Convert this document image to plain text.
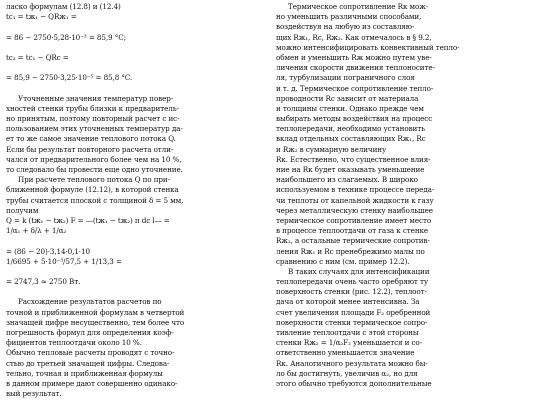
ласко формулам (12.8) и (12.4)
tс₁ = tж₁ − QRж₁ =
= 86 − 2750·5,28·10⁻³ = 85,9 °C;
tс₂ = tс₁ − QRс =
= 85,9 − 2750·3,25·10⁻⁵ = 85,8 °C.
Уточненные значения температур повер-
хностей стенки трубы близки к предваритель-
но принятым, поэтому повторный расчет с ис-
пользованием этих уточненных температур да-
ет то же самое значение теплового потока Q.
Если бы результат повторного расчета отли-
чался от предварительного более чем на 10 %,
то следовало бы провести еще одно уточнение.
При расчете теплового потока Q по при-
ближенной формуле (12.12), в которой стенка
трубы считается плоской с толщиной δ = 5 мм,
получим
Q = k (tж₁ − tж₂) F = —(tж₁ − tж₂) π dс l— =
1/α₁ + δ/λ + 1/α₂
= (86 − 20)·3,14·0,1·10
1/6695 + 5·10⁻³/57,5 + 1/13,3 =
= 2747,3 ≈ 2750 Вт.
Расхождение результатов расчетов по
точной и приближенной формулам в четвертой
значащей цифре несущественно, тем более что
погрешность формул для определения коэф-
фициентов теплоотдачи около 10 %.
Обычно тепловые расчеты проводят с точно-
стью до третьей значащей цифры. Следова-
тельно, точная и приближенная формулы
в данном примере дают совершенно одинако-
вый результат.
Термическое сопротивление Rк мож-
но уменьшить различными способами,
воздействуя на любую из составляю-
щих Rж₁, Rс, Rж₂. Как отмечалось в § 9.2,
можно интенсифицировать конвективный тепло-
обмен и уменьшить Rж можно путем уве-
личения скорости движения теплоносите-
ля, турбулизации пограничного слоя
и т. д. Термическое сопротивление тепло-
проводности Rс зависит от материала
и толщины стенки. Однако прежде чем
выбирать методы воздействия на процесс
теплопередачи, необходимо установить
вклад отдельных составляющих Rж₁, Rс
и Rж₂ в суммарную величину
Rк. Естественно, что существенное влия-
ние на Rк будет оказывать уменьшение
наибольшего из слагаемых. В широко
используемом в технике процессе переда-
чи теплоты от капельной жидкости к газу
через металлическую стенку наибольшее
термическое сопротивление имеет место
в процессе теплоотдачи от газа к стенке
Rж₂, а остальные термические сопротив-
ления Rж₁ и Rс пренебрежимо малы по
сравнению с ним (см. пример 12.2).
В таких случаях для интенсификации
теплопередачи очень часто оребряют ту
поверхность стенки (рис. 12.2), теплоот-
дача от которой менее интенсивна. За
счет увеличения площади F₂ оребренной
поверхности стенки термическое сопро-
тивление теплоотдачи с этой стороны
стенки Rж₂ = 1/α₂F₂ уменьшается и со-
ответственно уменьшается значение
Rк. Аналогичного результата можно бы-
ло бы достигнуть, увеличив α₂, но для
этого обычно требуются дополнительные
